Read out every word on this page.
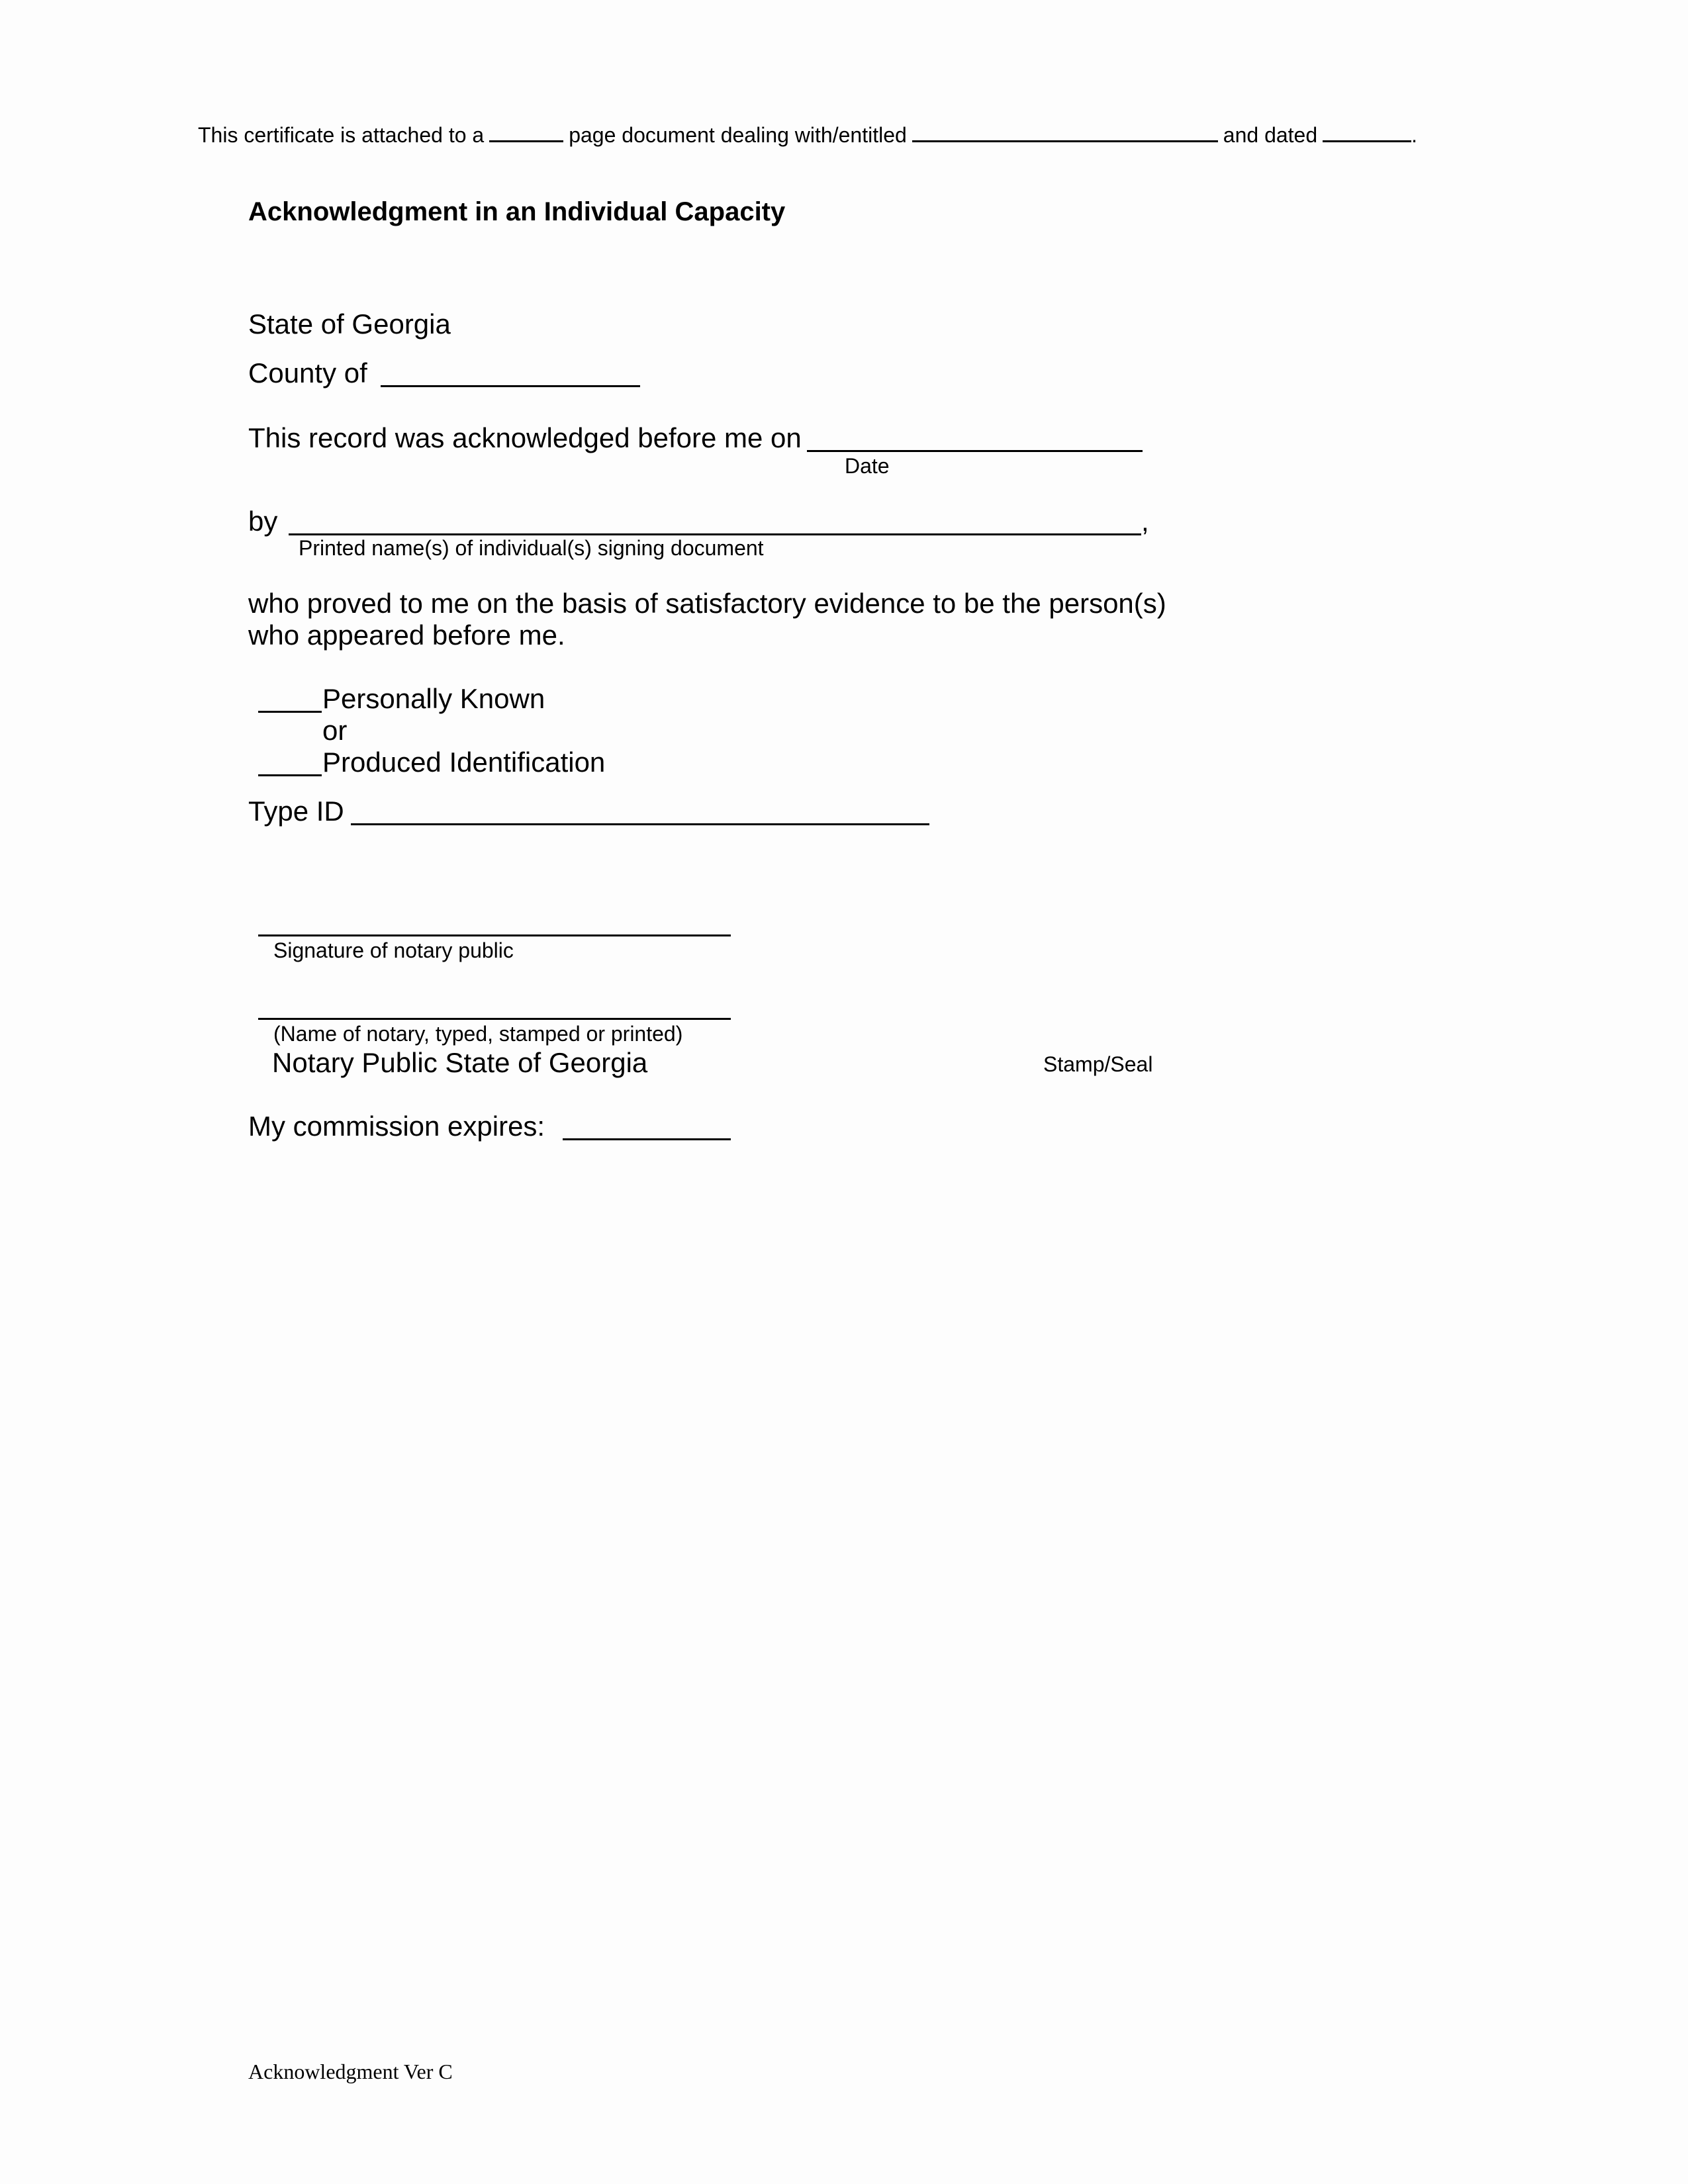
This certificate is attached to a	page document dealing with/entitled	and dated	.
Acknowledgment in an Individual Capacity
State of Georgia
County of
This record was acknowledged before me on
Date
by	,
Printed name(s) of individual(s) signing document
who proved to me on the basis of satisfactory evidence to be the person(s)
who appeared before me.
Personally Known
or
Produced Identification
Type ID
Signature of notary public
(Name of notary, typed, stamped or printed)
Notary Public State of Georgia	Stamp/Seal
My commission expires:
Acknowledgment Ver C
